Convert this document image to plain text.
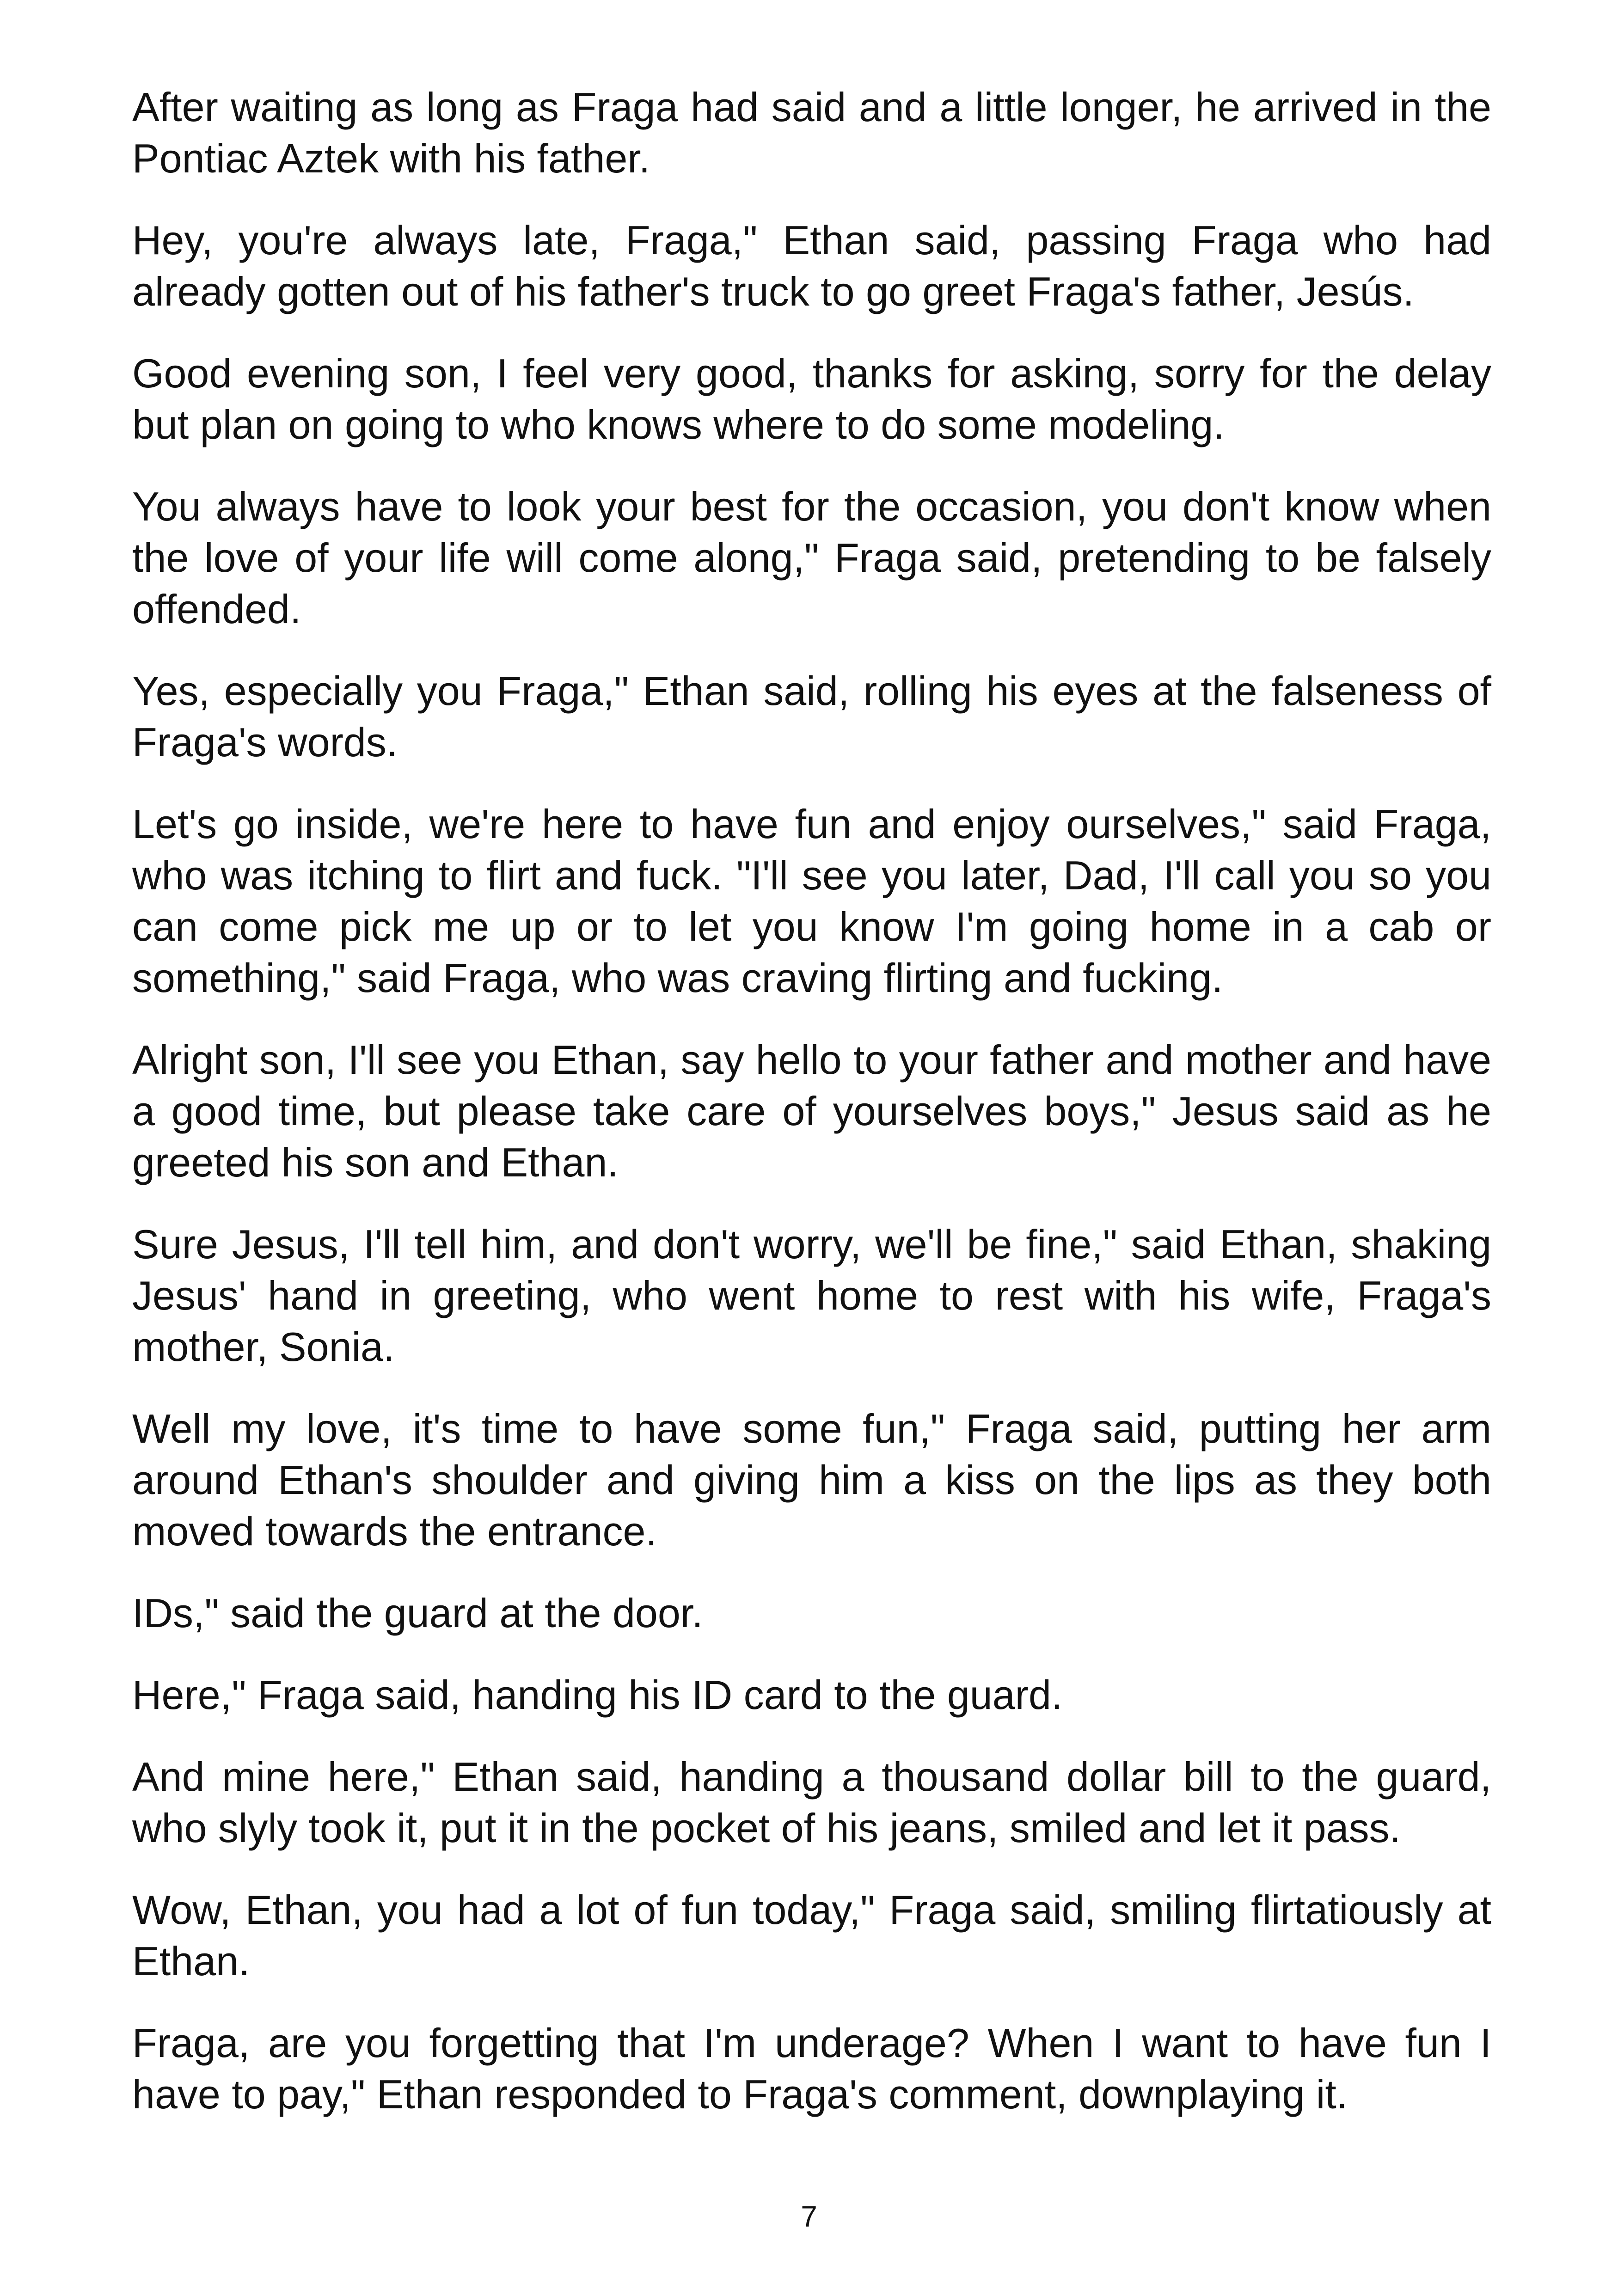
After waiting as long as Fraga had said and a little longer, he arrived in the Pontiac Aztek with his father.

Hey, you're always late, Fraga," Ethan said, passing Fraga who had already gotten out of his father's truck to go greet Fraga's father, Jesús.

Good evening son, I feel very good, thanks for asking, sorry for the delay but plan on going to who knows where to do some modeling.

You always have to look your best for the occasion, you don't know when the love of your life will come along," Fraga said, pretending to be falsely offended.

Yes, especially you Fraga," Ethan said, rolling his eyes at the falseness of Fraga's words.

Let's go inside, we're here to have fun and enjoy ourselves," said Fraga, who was itching to flirt and fuck. "I'll see you later, Dad, I'll call you so you can come pick me up or to let you know I'm going home in a cab or something," said Fraga, who was craving flirting and fucking.

Alright son, I'll see you Ethan, say hello to your father and mother and have a good time, but please take care of yourselves boys," Jesus said as he greeted his son and Ethan.

Sure Jesus, I'll tell him, and don't worry, we'll be fine," said Ethan, shaking Jesus' hand in greeting, who went home to rest with his wife, Fraga's mother, Sonia.

Well my love, it's time to have some fun," Fraga said, putting her arm around Ethan's shoulder and giving him a kiss on the lips as they both moved towards the entrance.

IDs," said the guard at the door.

Here," Fraga said, handing his ID card to the guard.

And mine here," Ethan said, handing a thousand dollar bill to the guard, who slyly took it, put it in the pocket of his jeans, smiled and let it pass.

Wow, Ethan, you had a lot of fun today," Fraga said, smiling flirtatiously at Ethan.

Fraga, are you forgetting that I'm underage? When I want to have fun I have to pay," Ethan responded to Fraga's comment, downplaying it.

7
